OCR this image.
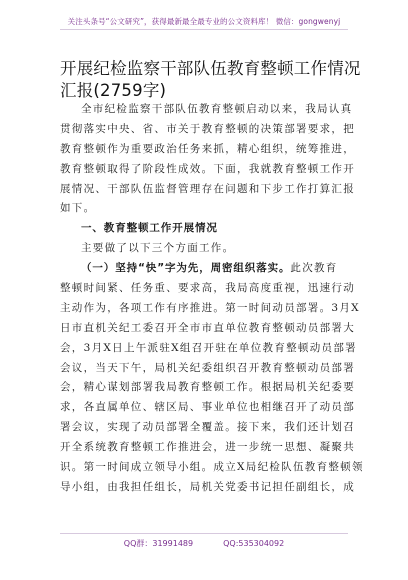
关注头条号“公文研究”，获得最新最全最专业的公文资料库！ 微信：gongwenyj
开展纪检监察干部队伍教育整顿工作情况
汇报(2759字)
全市纪检监察干部队伍教育整顿启动以来，我局认真
贯彻落实中央、省、市关于教育整顿的决策部署要求，把
教育整顿作为重要政治任务来抓，精心组织，统筹推进，
教育整顿取得了阶段性成效。下面，我就教育整顿工作开
展情况、干部队伍监督管理存在问题和下步工作打算汇报
如下。
一、教育整顿工作开展情况
主要做了以下三个方面工作。
（一）坚持“快”字为先，周密组织落实。此次教育
整顿时间紧、任务重、要求高，我局高度重视，迅速行动
主动作为，各项工作有序推进。第一时间动员部署。3月X
日市直机关纪工委召开全市市直单位教育整顿动员部署大
会，3月X日上午派驻X组召开驻在单位教育整顿动员部署
会议，当天下午，局机关纪委组织召开教育整顿动员部署
会，精心谋划部署我局教育整顿工作。根据局机关纪委要
求，各直属单位、辖区局、事业单位也相继召开了动员部
署会议，实现了动员部署全覆盖。接下来，我们还计划召
开全系统教育整顿工作推进会，进一步统一思想、凝聚共
识。第一时间成立领导小组。成立X局纪检队伍教育整顿领
导小组，由我担任组长，局机关党委书记担任副组长，成
QQ群：31991489	QQ:535304092
